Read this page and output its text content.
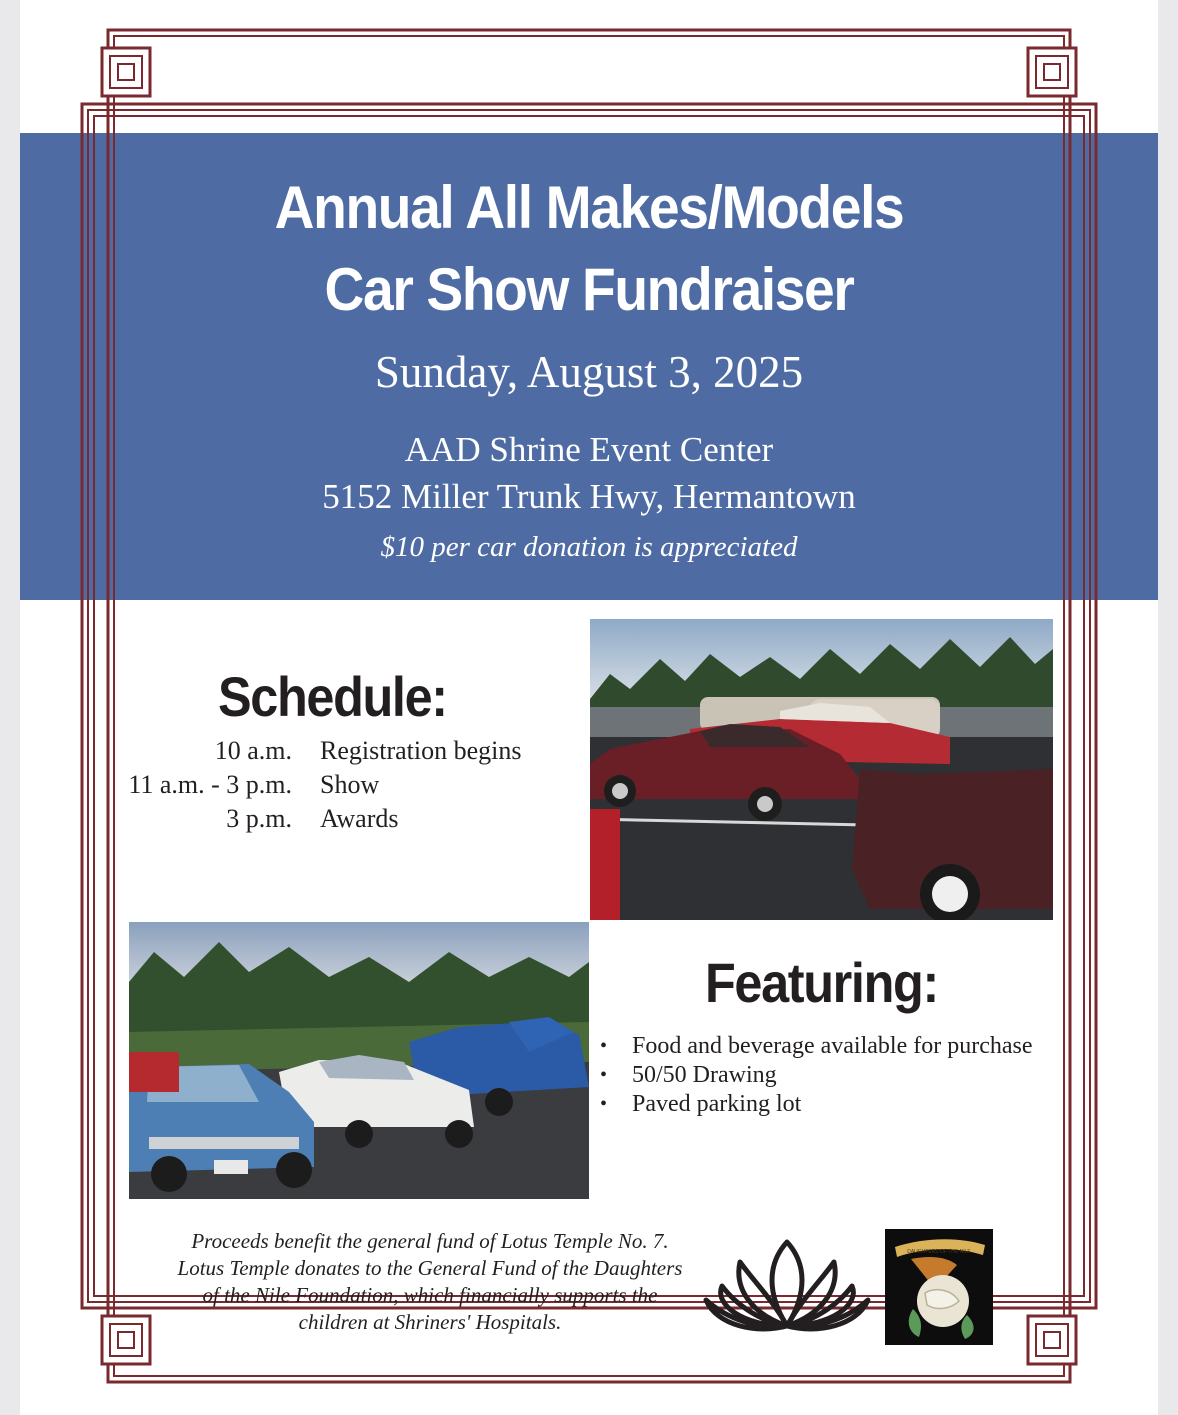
Annual All Makes/Models
Car Show Fundraiser
Sunday, August 3, 2025
AAD Shrine Event Center
5152 Miller Trunk Hwy, Hermantown
$10 per car donation is appreciated
Schedule:
10 a.m. Registration begins
11 a.m. - 3 p.m. Show
3 p.m. Awards
Featuring:
• Food and beverage available for purchase
• 50/50 Drawing
• Paved parking lot
Proceeds benefit the general fund of Lotus Temple No. 7.
Lotus Temple donates to the General Fund of the Daughters
of the Nile Foundation, which financially supports the
children at Shriners' Hospitals.
DAUGHTERS OF THE NILE
